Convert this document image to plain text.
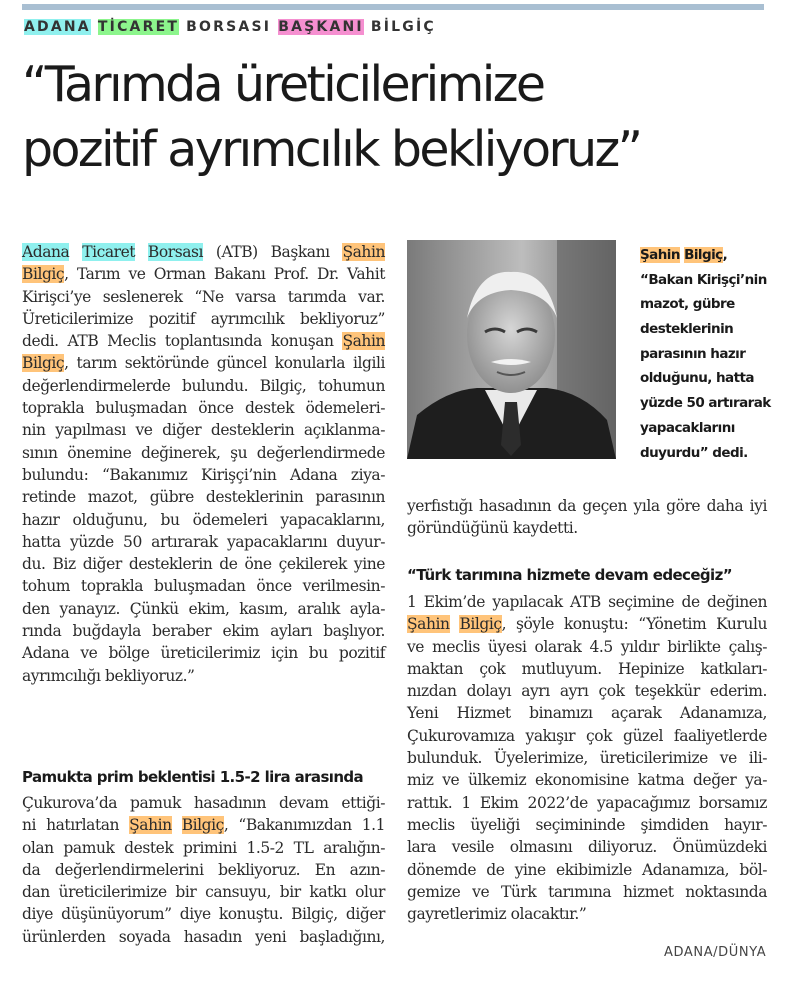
ADANA TİCARET BORSASI BAŞKANI BİLGİÇ
“Tarımda üreticilerimize
pozitif ayrımcılık bekliyoruz”
Adana Ticaret Borsası (ATB) Başkanı Şahin
Bilgiç, Tarım ve Orman Bakanı Prof. Dr. Vahit
Kirişci’ye seslenerek “Ne varsa tarımda var.
Üreticilerimize pozitif ayrımcılık bekliyoruz”
dedi. ATB Meclis toplantısında konuşan Şahin
Bilgiç, tarım sektöründe güncel konularla ilgili
değerlendirmelerde bulundu. Bilgiç, tohumun
toprakla buluşmadan önce destek ödemeleri-
nin yapılması ve diğer desteklerin açıklanma-
sının önemine değinerek, şu değerlendirmede
bulundu: “Bakanımız Kirişçi’nin Adana ziya-
retinde mazot, gübre desteklerinin parasının
hazır olduğunu, bu ödemeleri yapacaklarını,
hatta yüzde 50 artırarak yapacaklarını duyur-
du. Biz diğer desteklerin de öne çekilerek yine
tohum toprakla buluşmadan önce verilmesin-
den yanayız. Çünkü ekim, kasım, aralık ayla-
rında buğdayla beraber ekim ayları başlıyor.
Adana ve bölge üreticilerimiz için bu pozitif
ayrımcılığı bekliyoruz.”
Pamukta prim beklentisi 1.5-2 lira arasında
Çukurova’da pamuk hasadının devam ettiği-
ni hatırlatan Şahin Bilgiç, “Bakanımızdan 1.1
olan pamuk destek primini 1.5-2 TL aralığın-
da değerlendirmelerini bekliyoruz. En azın-
dan üreticilerimize bir cansuyu, bir katkı olur
diye düşünüyorum” diye konuştu. Bilgiç, diğer
ürünlerden soyada hasadın yeni başladığını,
Şahin Bilgiç,
“Bakan Kirişçi’nin
mazot, gübre
desteklerinin
parasının hazır
olduğunu, hatta
yüzde 50 artırarak
yapacaklarını
duyurdu” dedi.
yerfıstığı hasadının da geçen yıla göre daha iyi
göründüğünü kaydetti.
“Türk tarımına hizmete devam edeceğiz”
1 Ekim’de yapılacak ATB seçimine de değinen
Şahin Bilgiç, şöyle konuştu: “Yönetim Kurulu
ve meclis üyesi olarak 4.5 yıldır birlikte çalış-
maktan çok mutluyum. Hepinize katkıları-
nızdan dolayı ayrı ayrı çok teşekkür ederim.
Yeni Hizmet binamızı açarak Adanamıza,
Çukurovamıza yakışır çok güzel faaliyetlerde
bulunduk. Üyelerimize, üreticilerimize ve ili-
miz ve ülkemiz ekonomisine katma değer ya-
rattık. 1 Ekim 2022’de yapacağımız borsamız
meclis üyeliği seçimininde şimdiden hayır-
lara vesile olmasını diliyoruz. Önümüzdeki
dönemde de yine ekibimizle Adanamıza, böl-
gemize ve Türk tarımına hizmet noktasında
gayretlerimiz olacaktır.”
ADANA/DÜNYA
